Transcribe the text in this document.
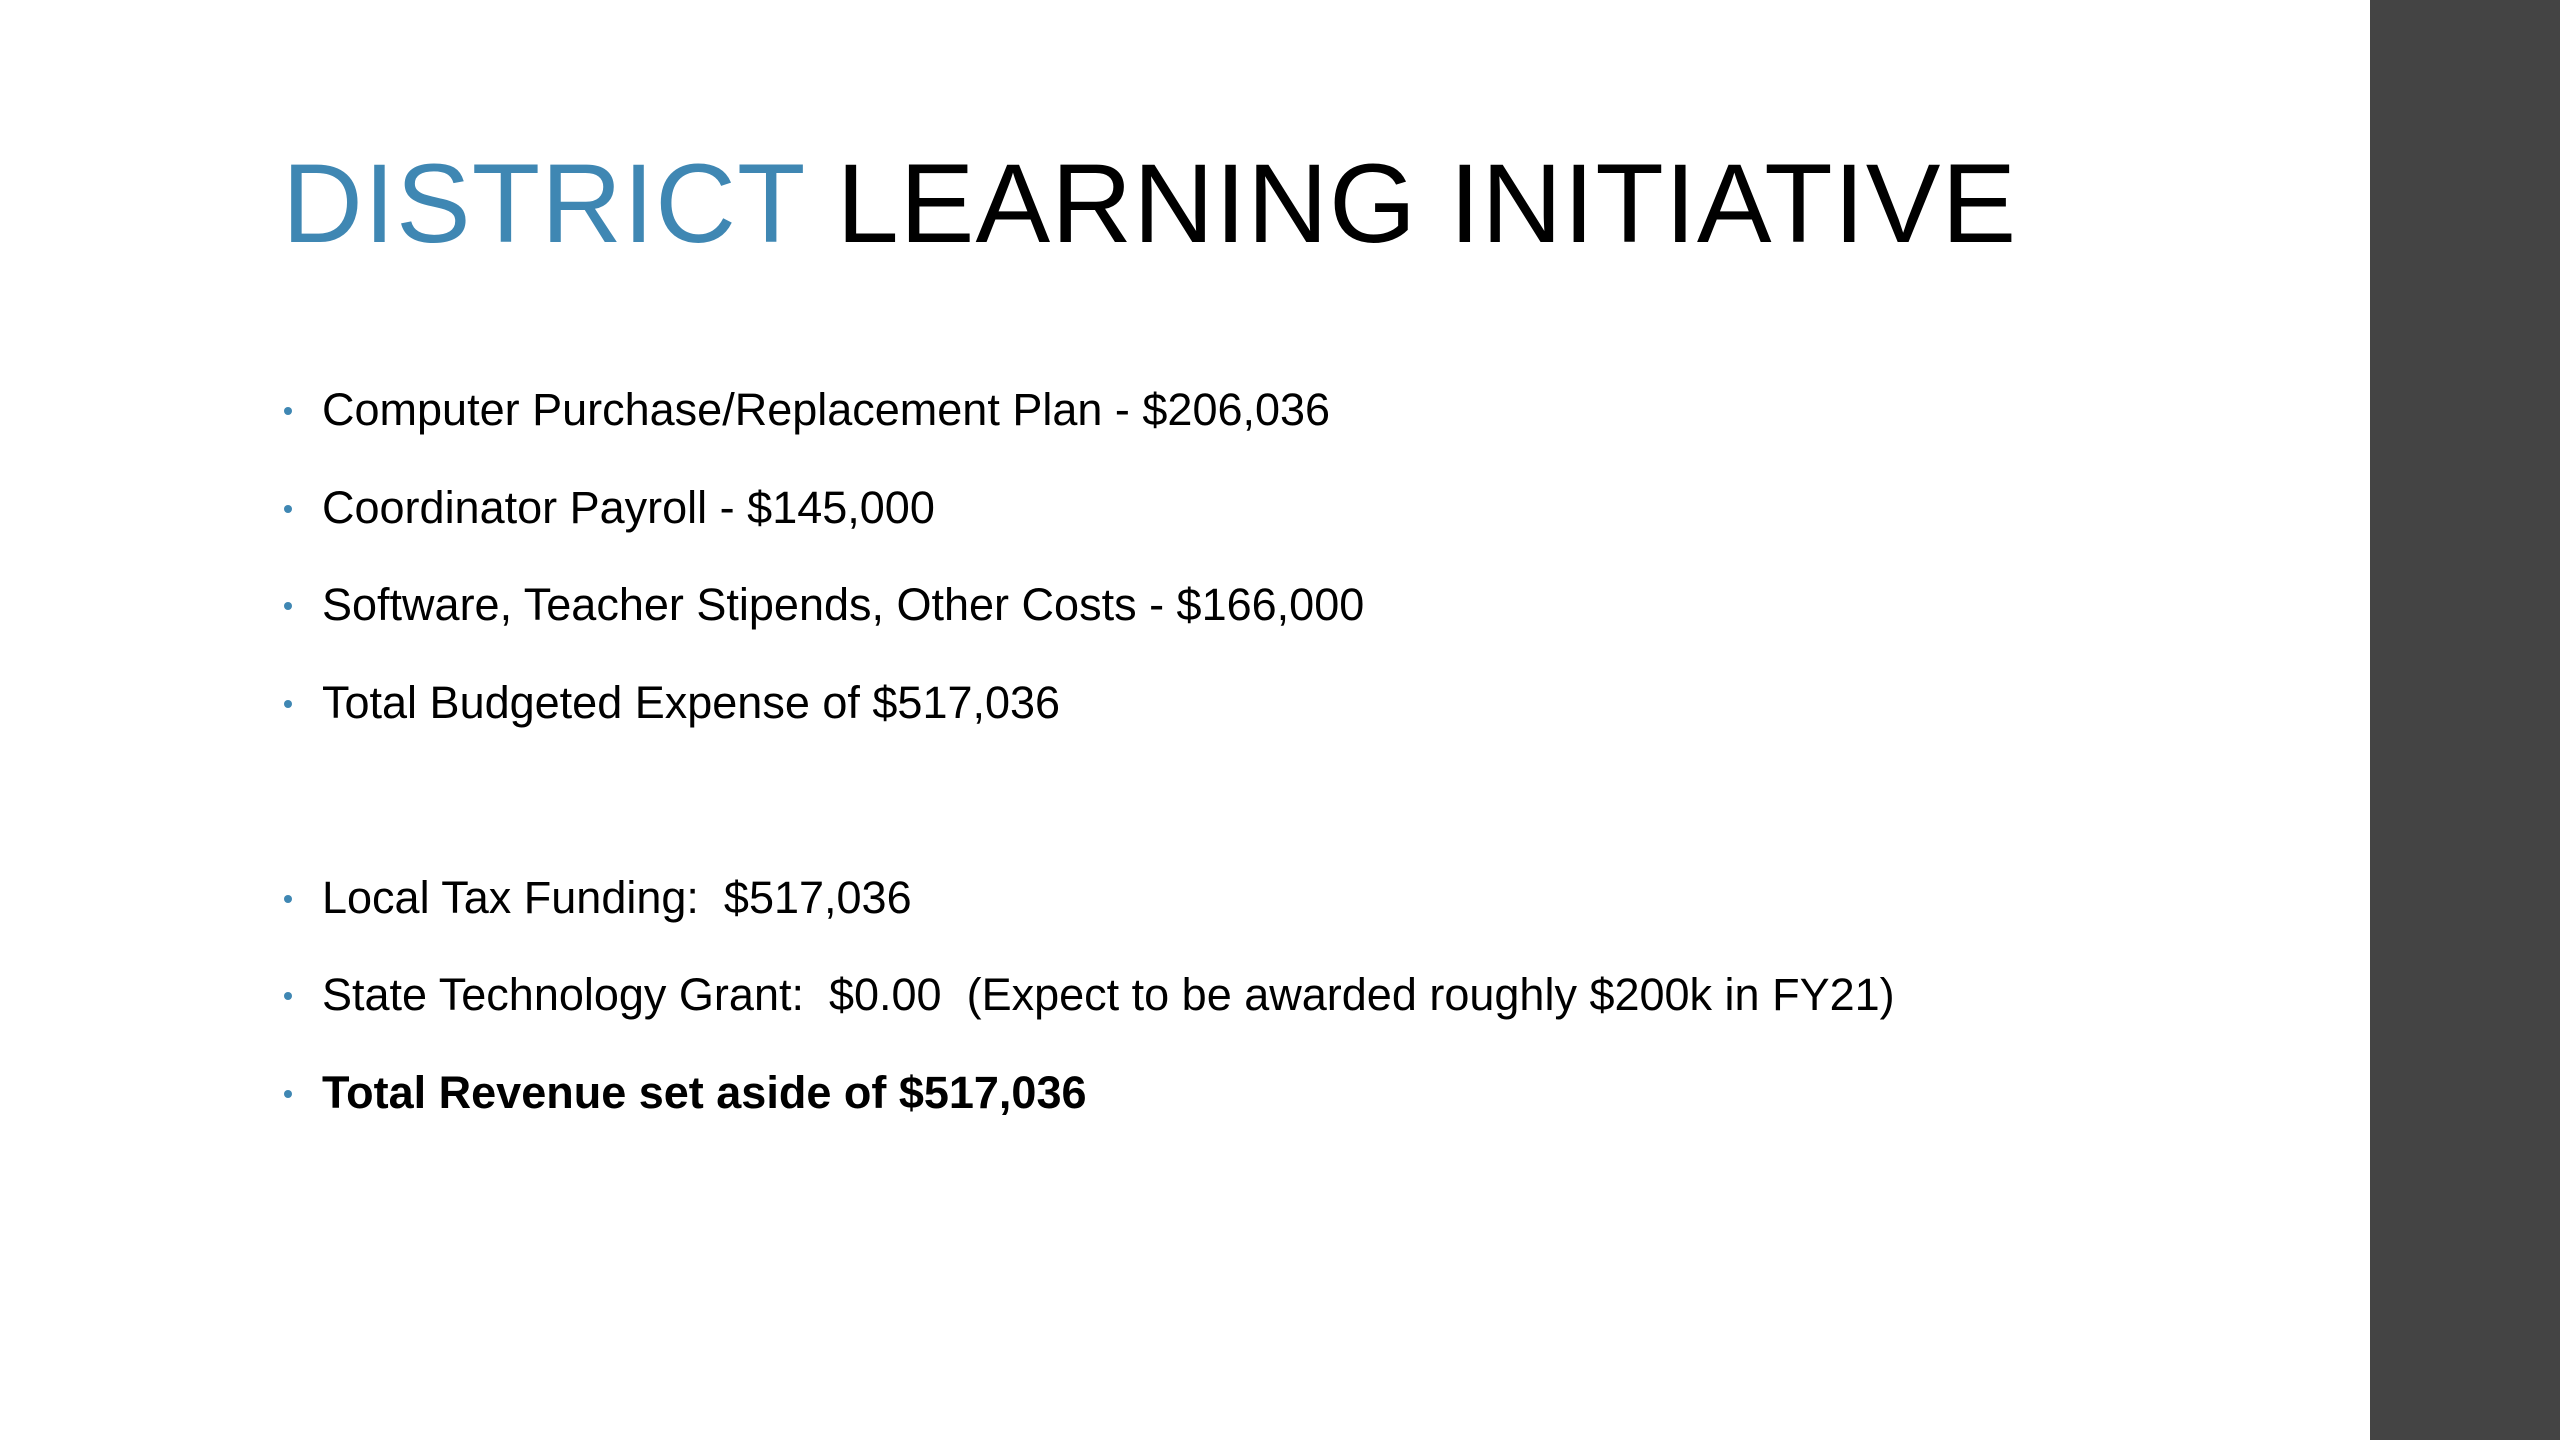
DISTRICT LEARNING INITIATIVE
Computer Purchase/Replacement Plan - $206,036
Coordinator Payroll - $145,000
Software, Teacher Stipends, Other Costs - $166,000
Total Budgeted Expense of $517,036
Local Tax Funding:  $517,036
State Technology Grant:  $0.00  (Expect to be awarded roughly $200k in FY21)
Total Revenue set aside of $517,036
